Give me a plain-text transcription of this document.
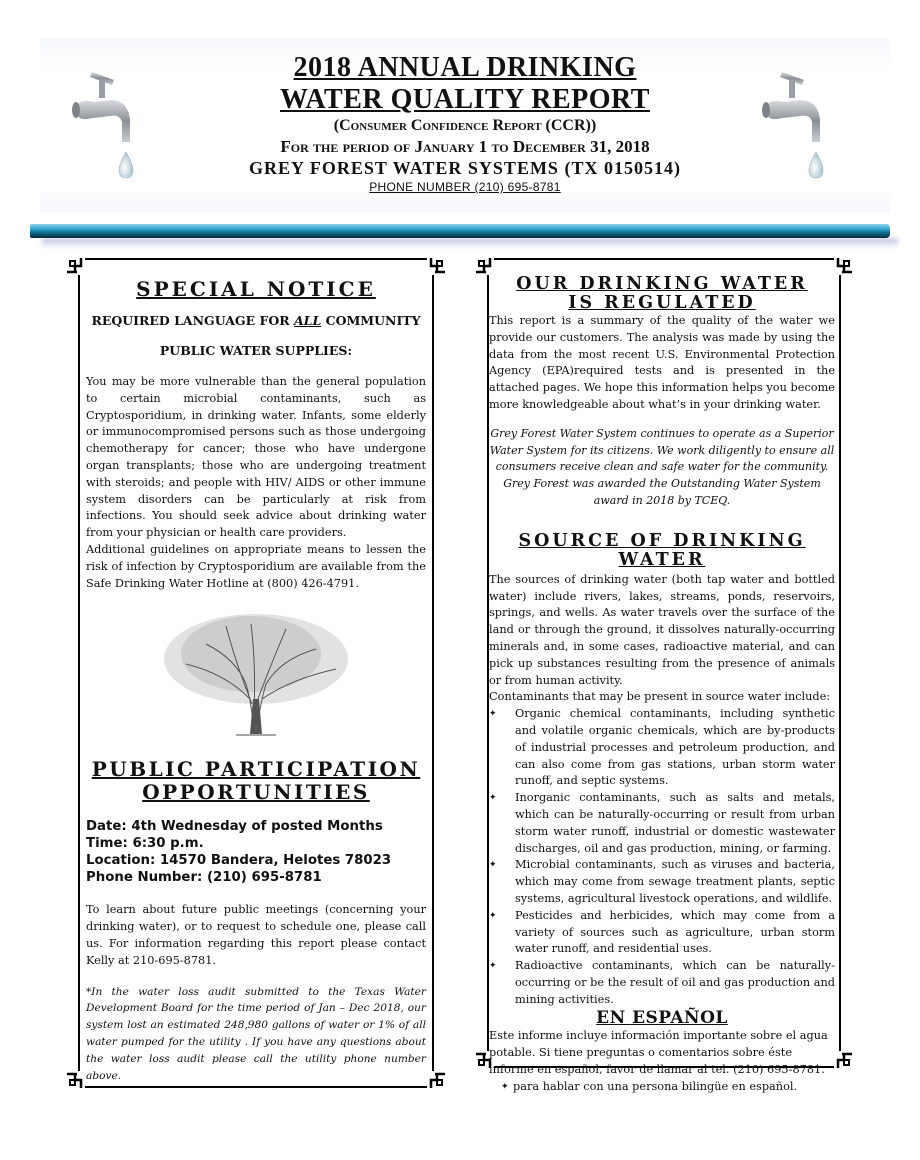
2018 ANNUAL DRINKING
WATER QUALITY REPORT
(Consumer Confidence Report (CCR))
For the period of January 1 to December 31, 2018
GREY FOREST WATER SYSTEMS (TX 0150514)
PHONE NUMBER (210) 695-8781
SPECIAL NOTICE
REQUIRED LANGUAGE FOR ALL COMMUNITY
PUBLIC WATER SUPPLIES:
You may be more vulnerable than the general population to certain microbial contaminants, such as Cryptosporidium, in drinking water. Infants, some elderly or immunocompromised persons such as those undergoing chemotherapy for cancer; those who have undergone organ transplants; those who are undergoing treatment with steroids; and people with HIV/ AIDS or other immune system disorders can be particularly at risk from infections. You should seek advice about drinking water from your physician or health care providers.
Additional guidelines on appropriate means to lessen the risk of infection by Cryptosporidium are available from the Safe Drinking Water Hotline at (800) 426-4791.
PUBLIC PARTICIPATION
OPPORTUNITIES
Date: 4th Wednesday of posted Months
Time: 6:30 p.m.
Location: 14570 Bandera, Helotes 78023
Phone Number: (210) 695-8781
To learn about future public meetings (concerning your drinking water), or to request to schedule one, please call us. For information regarding this report please contact Kelly at 210-695-8781.
*In the water loss audit submitted to the Texas Water Development Board for the time period of Jan – Dec 2018, our system lost an estimated 248,980 gallons of water or 1% of all water pumped for the utility . If you have any questions about the water loss audit please call the utility phone number above.
OUR DRINKING WATER
IS REGULATED
This report is a summary of the quality of the water we provide our customers. The analysis was made by using the data from the most recent U.S. Environmental Protection Agency (EPA)required tests and is presented in the attached pages. We hope this information helps you become more knowledgeable about what’s in your drinking water.
Grey Forest Water System continues to operate as a Superior Water System for its citizens. We work diligently to ensure all consumers receive clean and safe water for the community. Grey Forest was awarded the Outstanding Water System award in 2018 by TCEQ.
SOURCE OF DRINKING
WATER
The sources of drinking water (both tap water and bottled water) include rivers, lakes, streams, ponds, reservoirs, springs, and wells. As water travels over the surface of the land or through the ground, it dissolves naturally-occurring minerals and, in some cases, radioactive material, and can pick up substances resulting from the presence of animals or from human activity.
Contaminants that may be present in source water include:
✦ Organic chemical contaminants, including synthetic and volatile organic chemicals, which are by-products of industrial processes and petroleum production, and can also come from gas stations, urban storm water runoff, and septic systems.
✦ Inorganic contaminants, such as salts and metals, which can be naturally-occurring or result from urban storm water runoff, industrial or domestic wastewater discharges, oil and gas production, mining, or farming.
✦ Microbial contaminants, such as viruses and bacteria, which may come from sewage treatment plants, septic systems, agricultural livestock operations, and wildlife.
✦ Pesticides and herbicides, which may come from a variety of sources such as agriculture, urban storm water runoff, and residential uses.
✦ Radioactive contaminants, which can be naturally-occurring or be the result of oil and gas production and mining activities.
EN ESPAÑOL
Este informe incluye información importante sobre el agua potable. Si tiene preguntas o comentarios sobre éste informe en español, favor de llamar al tel. (210) 695-8781.
✦ para hablar con una persona bilingüe en español.
